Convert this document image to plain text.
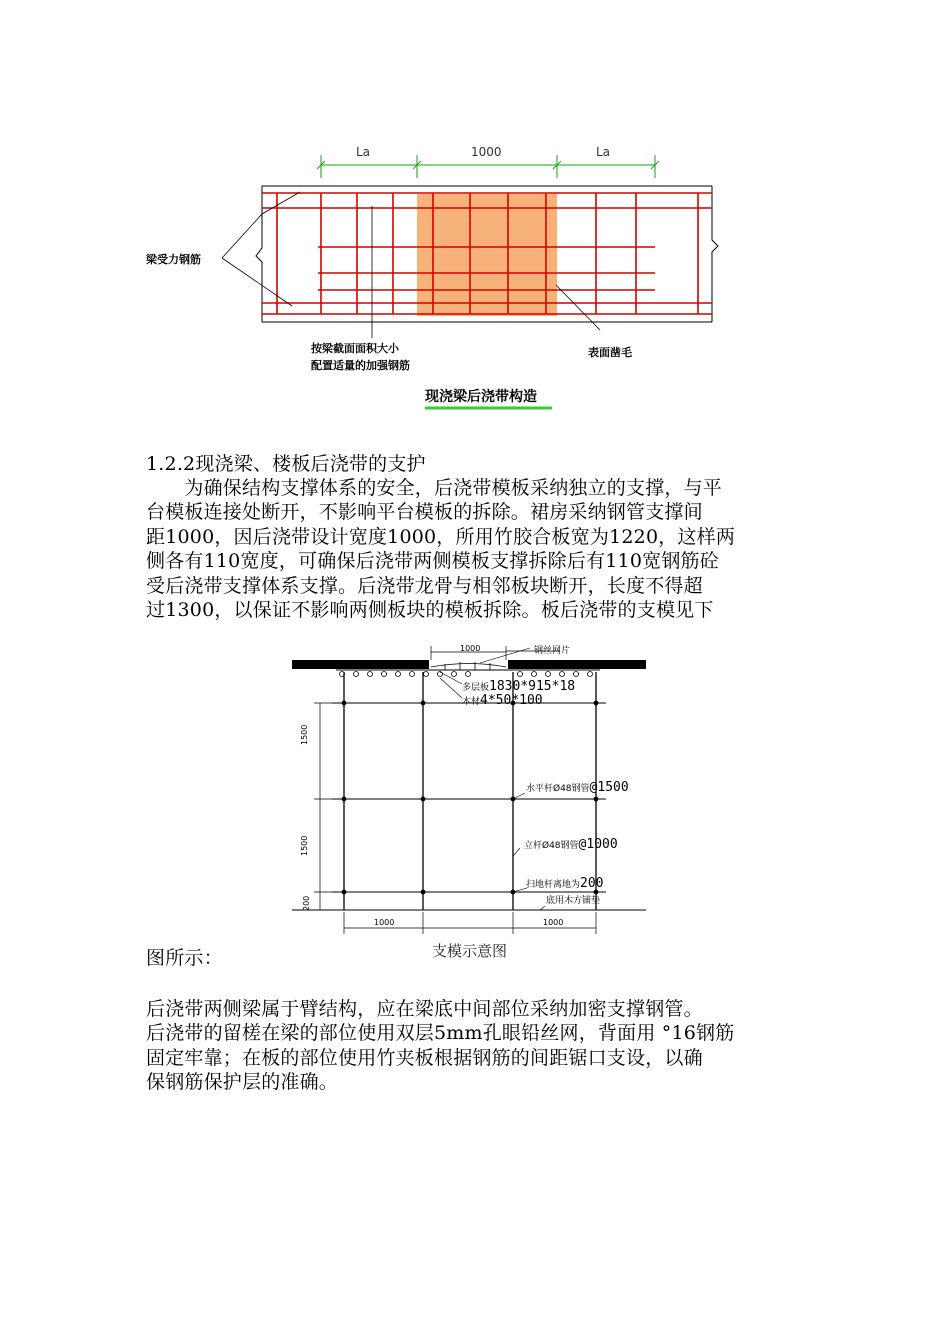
La	1000	La
梁受力钢筋
按梁截面面积大小
配置适量的加强钢筋
表面凿毛
现浇梁后浇带构造

1.2.2现浇梁、楼板后浇带的支护

　　为确保结构支撑体系的安全，后浇带模板采纳独立的支撑，与平

台模板连接处断开，不影响平台模板的拆除。裙房采纳钢管支撑间

距1000，因后浇带设计宽度1000，所用竹胶合板宽为1220，这样两

侧各有110宽度，可确保后浇带两侧模板支撑拆除后有110宽钢筋砼

受后浇带支撑体系支撑。后浇带龙骨与相邻板块断开，长度不得超

过1300，以保证不影响两侧板块的模板拆除。板后浇带的支模见下

1000	钢丝网片
多层板1830*915*18
木材4*50*100
水平杆Ø48钢管@1500
立杆Ø48钢管@1000
扫地杆离地为200
底用木方铺垫
1500
1500
200
1000	1000
支模示意图

图所示：

后浇带两侧梁属于臂结构，应在梁底中间部位采纳加密支撑钢管。

后浇带的留槎在梁的部位使用双层5mm孔眼铅丝网，背面用 °16钢筋

固定牢靠；在板的部位使用竹夹板根据钢筋的间距锯口支设，以确

保钢筋保护层的准确。
